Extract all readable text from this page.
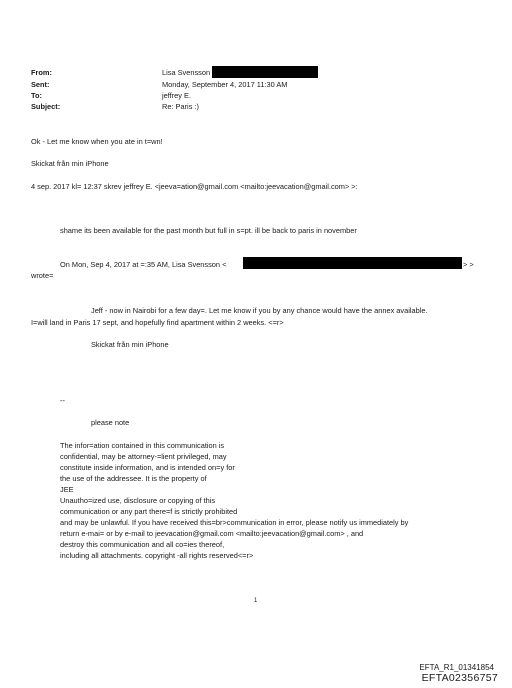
From:	Lisa Svensson
Sent:	Monday, September 4, 2017 11:30 AM
To:	jeffrey E.
Subject:	Re: Paris :)
Ok - Let me know when you ate in t=wn!
Skickat från min iPhone
4 sep. 2017 kl= 12:37 skrev jeffrey E. <jeeva=ation@gmail.com <mailto:jeevacation@gmail.com> >:
shame its been available for the past month but full in s=pt. ill be back to paris in november
On Mon, Sep 4, 2017 at =:35 AM, Lisa Svensson <	> >
wrote=
Jeff - now in Nairobi for a few day=. Let me know if you by any chance would have the annex available.
I=will land in Paris 17 sept, and hopefully find apartment within 2 weeks. <=r>
Skickat från min iPhone
--
please note
The infor=ation contained in this communication is
confidential, may be attorney-=lient privileged, may
constitute inside information, and is intended on=y for
the use of the addressee. It is the property of
JEE
Unautho=ized use, disclosure or copying of this
communication or any part there=f is strictly prohibited
and may be unlawful. If you have received this=br>communication in error, please notify us immediately by
return e-mai= or by e-mail to jeevacation@gmail.com <mailto:jeevacation@gmail.com> , and
destroy this communication and all co=ies thereof,
including all attachments. copyright -all rights reserved<=r>
1
EFTA_R1_01341854
EFTA02356757
